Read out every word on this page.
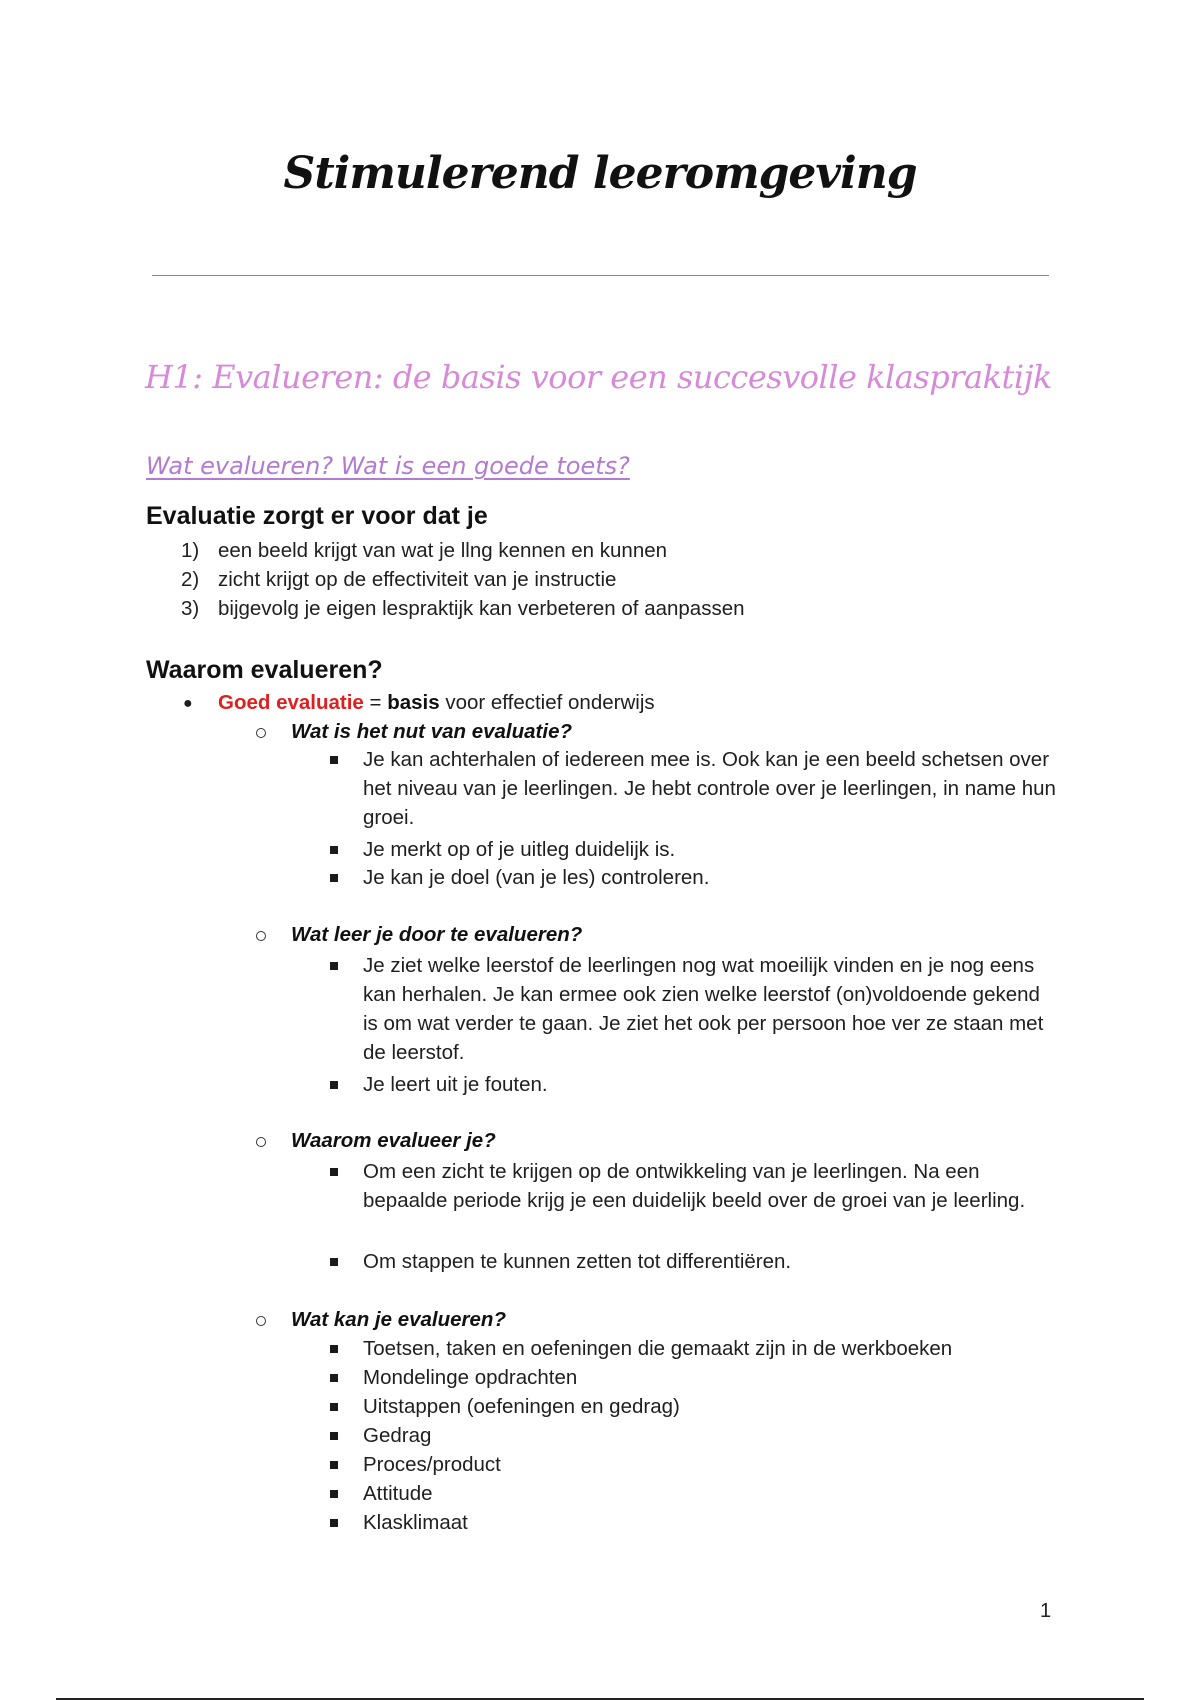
Stimulerend leeromgeving
H1: Evalueren: de basis voor een succesvolle klaspraktijk
Wat evalueren? Wat is een goede toets?
Evaluatie zorgt er voor dat je
1) een beeld krijgt van wat je llng kennen en kunnen
2) zicht krijgt op de effectiviteit van je instructie
3) bijgevolg je eigen lespraktijk kan verbeteren of aanpassen
Waarom evalueren?
● Goed evaluatie = basis voor effectief onderwijs
Wat is het nut van evaluatie?
Je kan achterhalen of iedereen mee is. Ook kan je een beeld schetsen over het niveau van je leerlingen. Je hebt controle over je leerlingen, in name hun groei.
Je merkt op of je uitleg duidelijk is.
Je kan je doel (van je les) controleren.
Wat leer je door te evalueren?
Je ziet welke leerstof de leerlingen nog wat moeilijk vinden en je nog eens kan herhalen. Je kan ermee ook zien welke leerstof (on)voldoende gekend is om wat verder te gaan. Je ziet het ook per persoon hoe ver ze staan met de leerstof.
Je leert uit je fouten.
Waarom evalueer je?
Om een zicht te krijgen op de ontwikkeling van je leerlingen. Na een bepaalde periode krijg je een duidelijk beeld over de groei van je leerling.
Om stappen te kunnen zetten tot differentiëren.
Wat kan je evalueren?
Toetsen, taken en oefeningen die gemaakt zijn in de werkboeken
Mondelinge opdrachten
Uitstappen (oefeningen en gedrag)
Gedrag
Proces/product
Attitude
Klasklimaat
1
